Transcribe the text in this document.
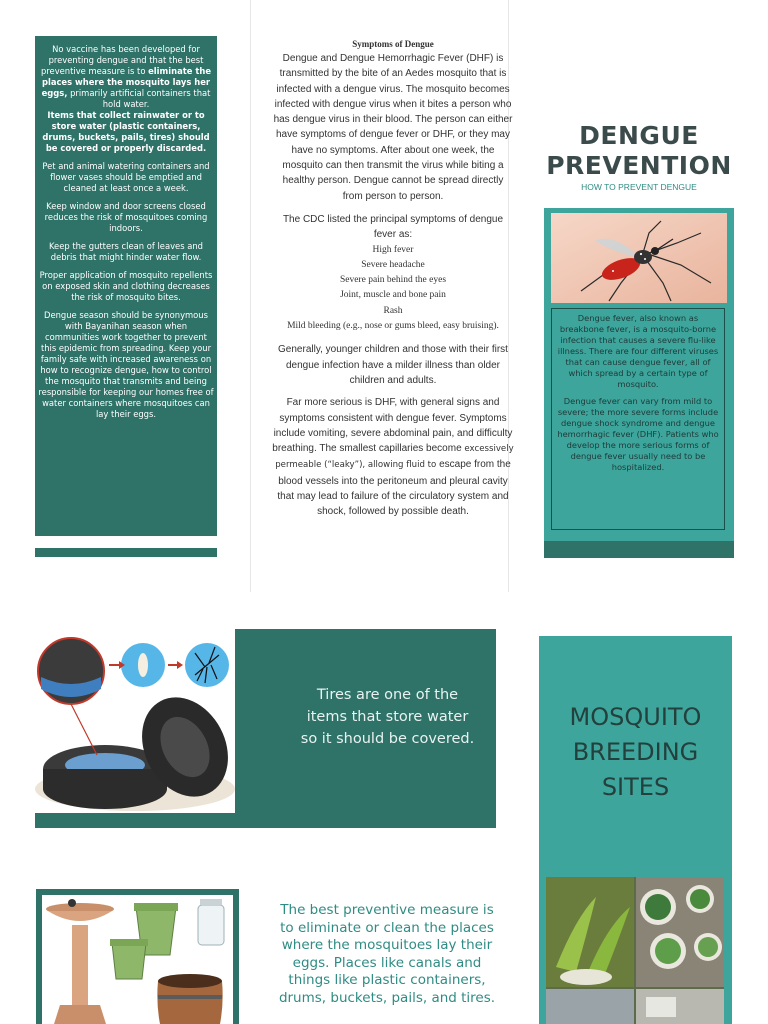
No vaccine has been developed for preventing dengue and that the best preventive measure is to eliminate the places where the mosquito lays her eggs, primarily artificial containers that hold water.
Items that collect rainwater or to store water (plastic containers, drums, buckets, pails, tires) should be covered or properly discarded.

Pet and animal watering containers and flower vases should be emptied and cleaned at least once a week.

Keep window and door screens closed reduces the risk of mosquitoes coming indoors.

Keep the gutters clean of leaves and debris that might hinder water flow.

Proper application of mosquito repellents on exposed skin and clothing decreases the risk of mosquito bites.

Dengue season should be synonymous with Bayanihan season when communities work together to prevent this epidemic from spreading. Keep your family safe with increased awareness on how to recognize dengue, how to control the mosquito that transmits and being responsible for keeping our homes free of water containers where mosquitoes can lay their eggs.

Symptoms of Dengue

Dengue and Dengue Hemorrhagic Fever (DHF) is transmitted by the bite of an Aedes mosquito that is infected with a dengue virus. The mosquito becomes infected with dengue virus when it bites a person who has dengue virus in their blood. The person can either have symptoms of dengue fever or DHF, or they may have no symptoms. After about one week, the mosquito can then transmit the virus while biting a healthy person. Dengue cannot be spread directly from person to person.

The CDC listed the principal symptoms of dengue fever as:

High fever
Severe headache
Severe pain behind the eyes
Joint, muscle and bone pain
Rash
Mild bleeding (e.g., nose or gums bleed, easy bruising).

Generally, younger children and those with their first dengue infection have a milder illness than older children and adults.

Far more serious is DHF, with general signs and symptoms consistent with dengue fever. Symptoms include vomiting, severe abdominal pain, and difficulty breathing. The smallest capillaries become excessively permeable (“leaky”), allowing fluid to escape from the blood vessels into the peritoneum and pleural cavity that may lead to failure of the circulatory system and shock, followed by possible death.

DENGUE
PREVENTION
HOW TO PREVENT DENGUE

Dengue fever, also known as breakbone fever, is a mosquito-borne infection that causes a severe flu-like illness. There are four different viruses that can cause dengue fever, all of which spread by a certain type of mosquito.

Dengue fever can vary from mild to severe; the more severe forms include dengue shock syndrome and dengue hemorrhagic fever (DHF). Patients who develop the more serious forms of dengue fever usually need to be hospitalized.

Tires are one of the items that store water so it should be covered.
MOSQUITO
BREEDING
SITES
The best preventive measure is to eliminate or clean the places where the mosquitoes lay their eggs. Places like canals and things like plastic containers, drums, buckets, pails, and tires.
